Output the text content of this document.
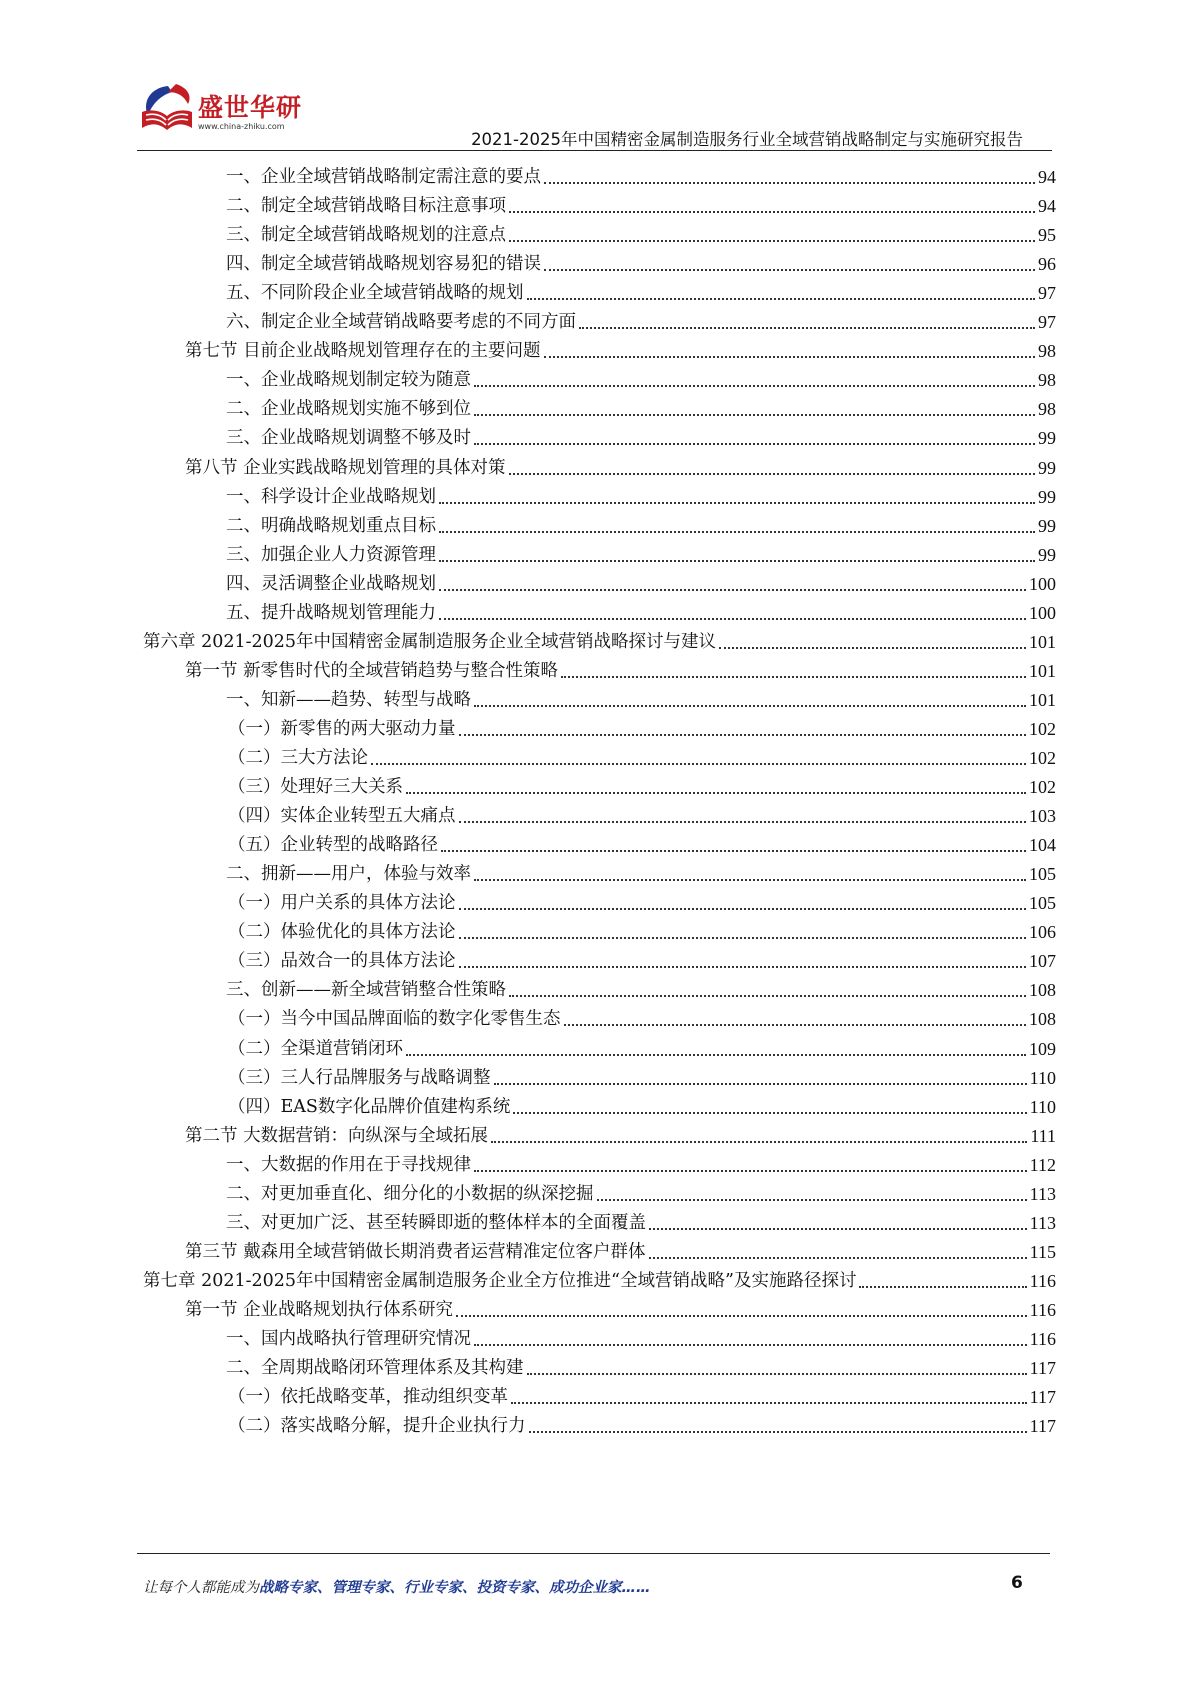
盛世华研
www.china-zhiku.com
2021-2025年中国精密金属制造服务行业全域营销战略制定与实施研究报告
一、企业全域营销战略制定需注意的要点	94
二、制定全域营销战略目标注意事项	94
三、制定全域营销战略规划的注意点	95
四、制定全域营销战略规划容易犯的错误	96
五、不同阶段企业全域营销战略的规划	97
六、制定企业全域营销战略要考虑的不同方面	97
第七节 目前企业战略规划管理存在的主要问题	98
一、企业战略规划制定较为随意	98
二、企业战略规划实施不够到位	98
三、企业战略规划调整不够及时	99
第八节 企业实践战略规划管理的具体对策	99
一、科学设计企业战略规划	99
二、明确战略规划重点目标	99
三、加强企业人力资源管理	99
四、灵活调整企业战略规划	100
五、提升战略规划管理能力	100
第六章 2021-2025年中国精密金属制造服务企业全域营销战略探讨与建议	101
第一节 新零售时代的全域营销趋势与整合性策略	101
一、知新——趋势、转型与战略	101
（一）新零售的两大驱动力量	102
（二）三大方法论	102
（三）处理好三大关系	102
（四）实体企业转型五大痛点	103
（五）企业转型的战略路径	104
二、拥新——用户，体验与效率	105
（一）用户关系的具体方法论	105
（二）体验优化的具体方法论	106
（三）品效合一的具体方法论	107
三、创新——新全域营销整合性策略	108
（一）当今中国品牌面临的数字化零售生态	108
（二）全渠道营销闭环	109
（三）三人行品牌服务与战略调整	110
（四）EAS数字化品牌价值建构系统	110
第二节 大数据营销：向纵深与全域拓展	111
一、大数据的作用在于寻找规律	112
二、对更加垂直化、细分化的小数据的纵深挖掘	113
三、对更加广泛、甚至转瞬即逝的整体样本的全面覆盖	113
第三节 戴森用全域营销做长期消费者运营精准定位客户群体	115
第七章 2021-2025年中国精密金属制造服务企业全方位推进“全域营销战略”及实施路径探讨	116
第一节 企业战略规划执行体系研究	116
一、国内战略执行管理研究情况	116
二、全周期战略闭环管理体系及其构建	117
（一）依托战略变革，推动组织变革	117
（二）落实战略分解，提升企业执行力	117
让每个人都能成为战略专家、管理专家、行业专家、投资专家、成功企业家……	6
